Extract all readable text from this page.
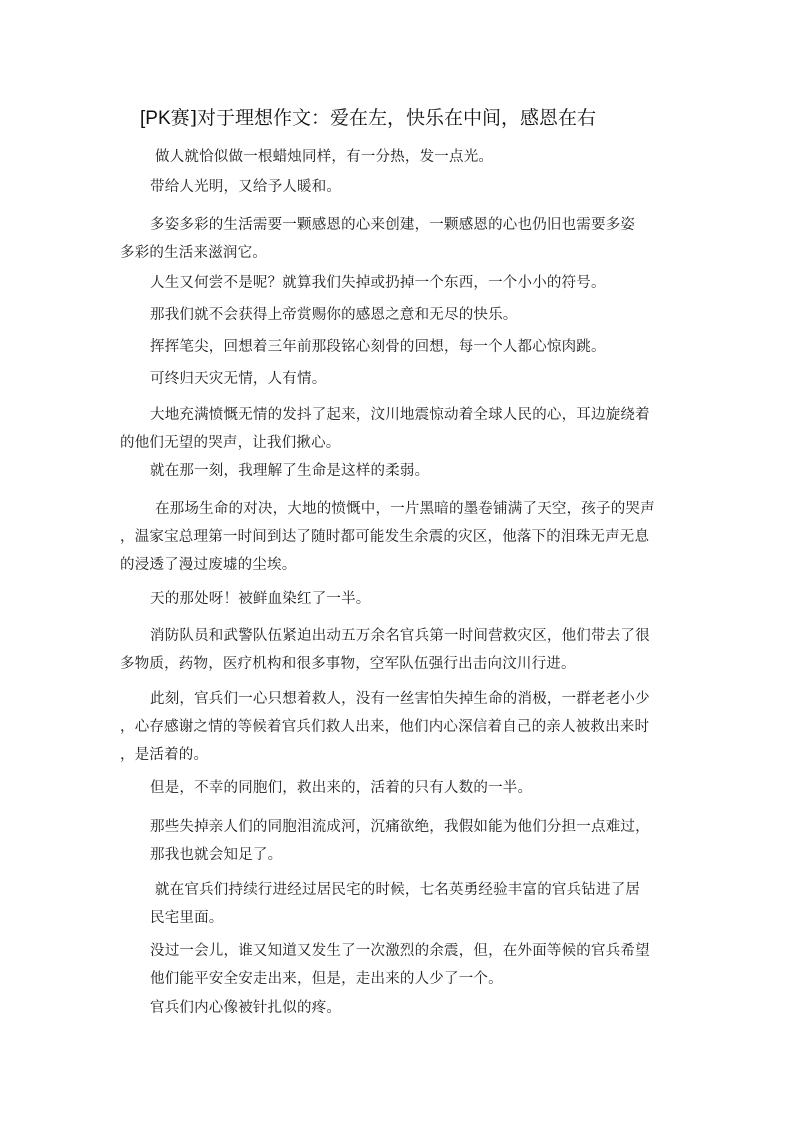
[PK赛]对于理想作文：爱在左，快乐在中间，感恩在右
做人就恰似做一根蜡烛同样，有一分热，发一点光。
带给人光明，又给予人暖和。
多姿多彩的生活需要一颗感恩的心来创建，一颗感恩的心也仍旧也需要多姿
多彩的生活来滋润它。
人生又何尝不是呢？就算我们失掉或扔掉一个东西，一个小小的符号。
那我们就不会获得上帝赏赐你的感恩之意和无尽的快乐。
挥挥笔尖，回想着三年前那段铭心刻骨的回想，每一个人都心惊肉跳。
可终归天灾无情，人有情。
大地充满愤慨无情的发抖了起来，汶川地震惊动着全球人民的心，耳边旋绕着
的他们无望的哭声，让我们揪心。
就在那一刻，我理解了生命是这样的柔弱。
在那场生命的对决，大地的愤慨中，一片黑暗的墨卷铺满了天空，孩子的哭声
，温家宝总理第一时间到达了随时都可能发生余震的灾区，他落下的泪珠无声无息
的浸透了漫过废墟的尘埃。
天的那处呀！被鲜血染红了一半。
消防队员和武警队伍紧迫出动五万余名官兵第一时间营救灾区，他们带去了很
多物质，药物，医疗机构和很多事物，空军队伍强行出击向汶川行进。
此刻，官兵们一心只想着救人，没有一丝害怕失掉生命的消极，一群老老小少
，心存感谢之情的等候着官兵们救人出来，他们内心深信着自己的亲人被救出来时
，是活着的。
但是，不幸的同胞们，救出来的，活着的只有人数的一半。
那些失掉亲人们的同胞泪流成河，沉痛欲绝，我假如能为他们分担一点难过，
那我也就会知足了。
就在官兵们持续行进经过居民宅的时候，七名英勇经验丰富的官兵钻进了居
民宅里面。
没过一会儿，谁又知道又发生了一次激烈的余震，但，在外面等候的官兵希望
他们能平安全安走出来，但是，走出来的人少了一个。
官兵们内心像被针扎似的疼。
